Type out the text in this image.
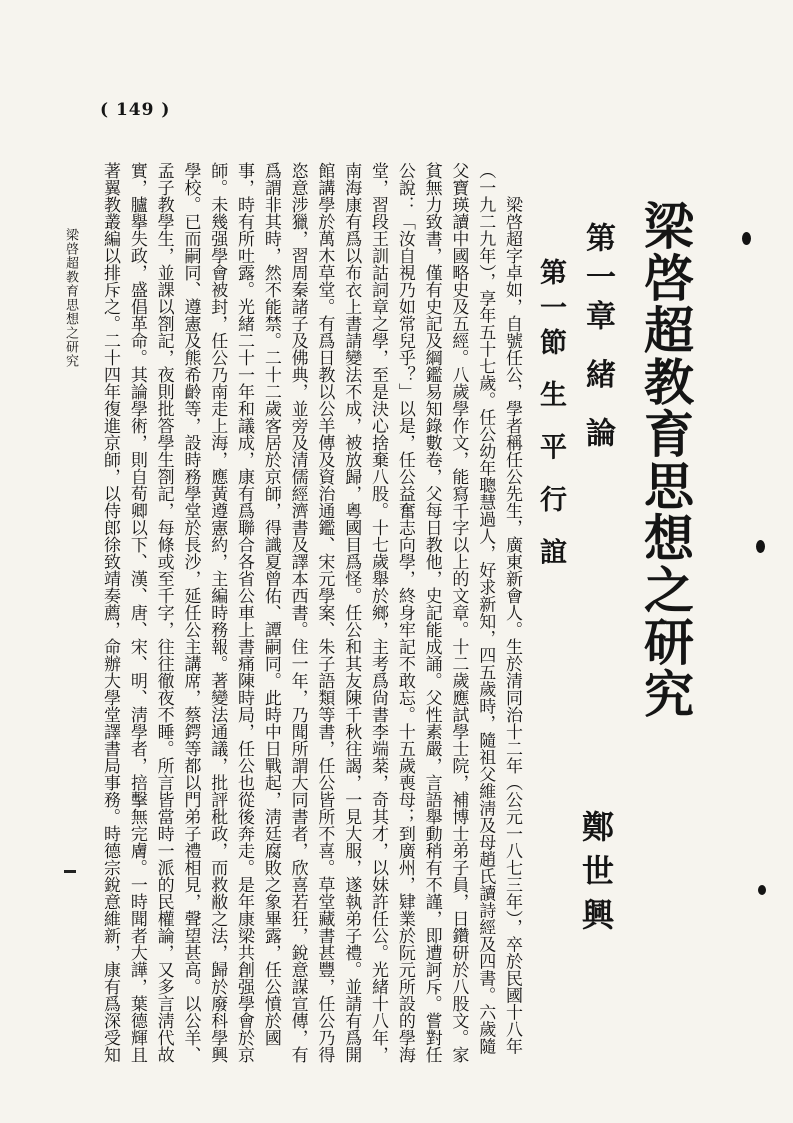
( 149 )
梁啓超教育思想之研究
鄭世興
第一章 緒 論
第一節 生 平 行 誼

梁啓超字卓如，自號任公，學者稱任公先生，廣東新會人。生於清同治十二年（公元一八七三年），卒於民國十八年（一九二九年），享年五十七歲。任公幼年聰慧過人，好求新知，四五歲時，隨祖父維淸及母趙氏讀詩經及四書。六歲隨父寶瑛讀中國略史及五經。八歲學作文，能寫千字以上的文章。十二歲應試學士院，補博士弟子員，日鑽研於八股文。家貧無力致書，僅有史記及綱鑑易知錄數卷，父每日教他，史記能成誦。父性素嚴，言語舉動稍有不謹，即遭訶斥。嘗對任公說：「汝自視乃如常兒乎？」以是，任公益奮志向學，終身牢記不敢忘。十五歲喪母；到廣州，肄業於阮元所設的學海堂，習段王訓詁詞章之學，至是決心捨棄八股。十七歲舉於鄉，主考爲尙書李端棻，奇其才，以妹許任公。光緒十八年，南海康有爲以布衣上書請變法不成，被放歸，粵國目爲怪。任公和其友陳千秋往謁，一見大服，遂執弟子禮。並請有爲開館講學於萬木草堂。有爲日教以公羊傳及資治通鑑、宋元學案、朱子語類等書，任公皆所不喜。草堂藏書甚豐，任公乃得恣意涉獵，習周秦諸子及佛典，並旁及清儒經濟書及譯本西書。住一年，乃聞所謂大同書者，欣喜若狂，銳意謀宣傳，有爲謂非其時，然不能禁。二十二歲客居於京師，得識夏曾佑、譚嗣同。此時中日戰起，淸廷腐敗之象畢露，任公憤於國事，時有所吐露。光緒二十一年和議成，康有爲聯合各省公車上書痛陳時局，任公也從後奔走。是年康梁共創强學會於京師。未幾强學會被封，任公乃南走上海，應黃遵憲約，主編時務報。著變法通議，批評秕政，而救敝之法，歸於廢科學興學校。已而嗣同、遵憲及熊希齡等，設時務學堂於長沙，延任公主講席，蔡鍔等都以門弟子禮相見，聲望甚高。以公羊、孟子教學生，並課以劄記，夜則批答學生劄記，每條或至千字，往往徹夜不睡。所言皆當時一派的民權論，又多言淸代故實，臚擧失政，盛倡革命。其論學術，則自荀卿以下、漢、唐、宋、明、淸學者，掊擊無完膚。一時聞者大譁，葉德輝且著翼教叢編以排斥之。二十四年復進京師，以侍郎徐致靖奏薦，命辦大學堂譯書局事務。時德宗銳意維新，康有爲深受知

梁啓超教育思想之研究
